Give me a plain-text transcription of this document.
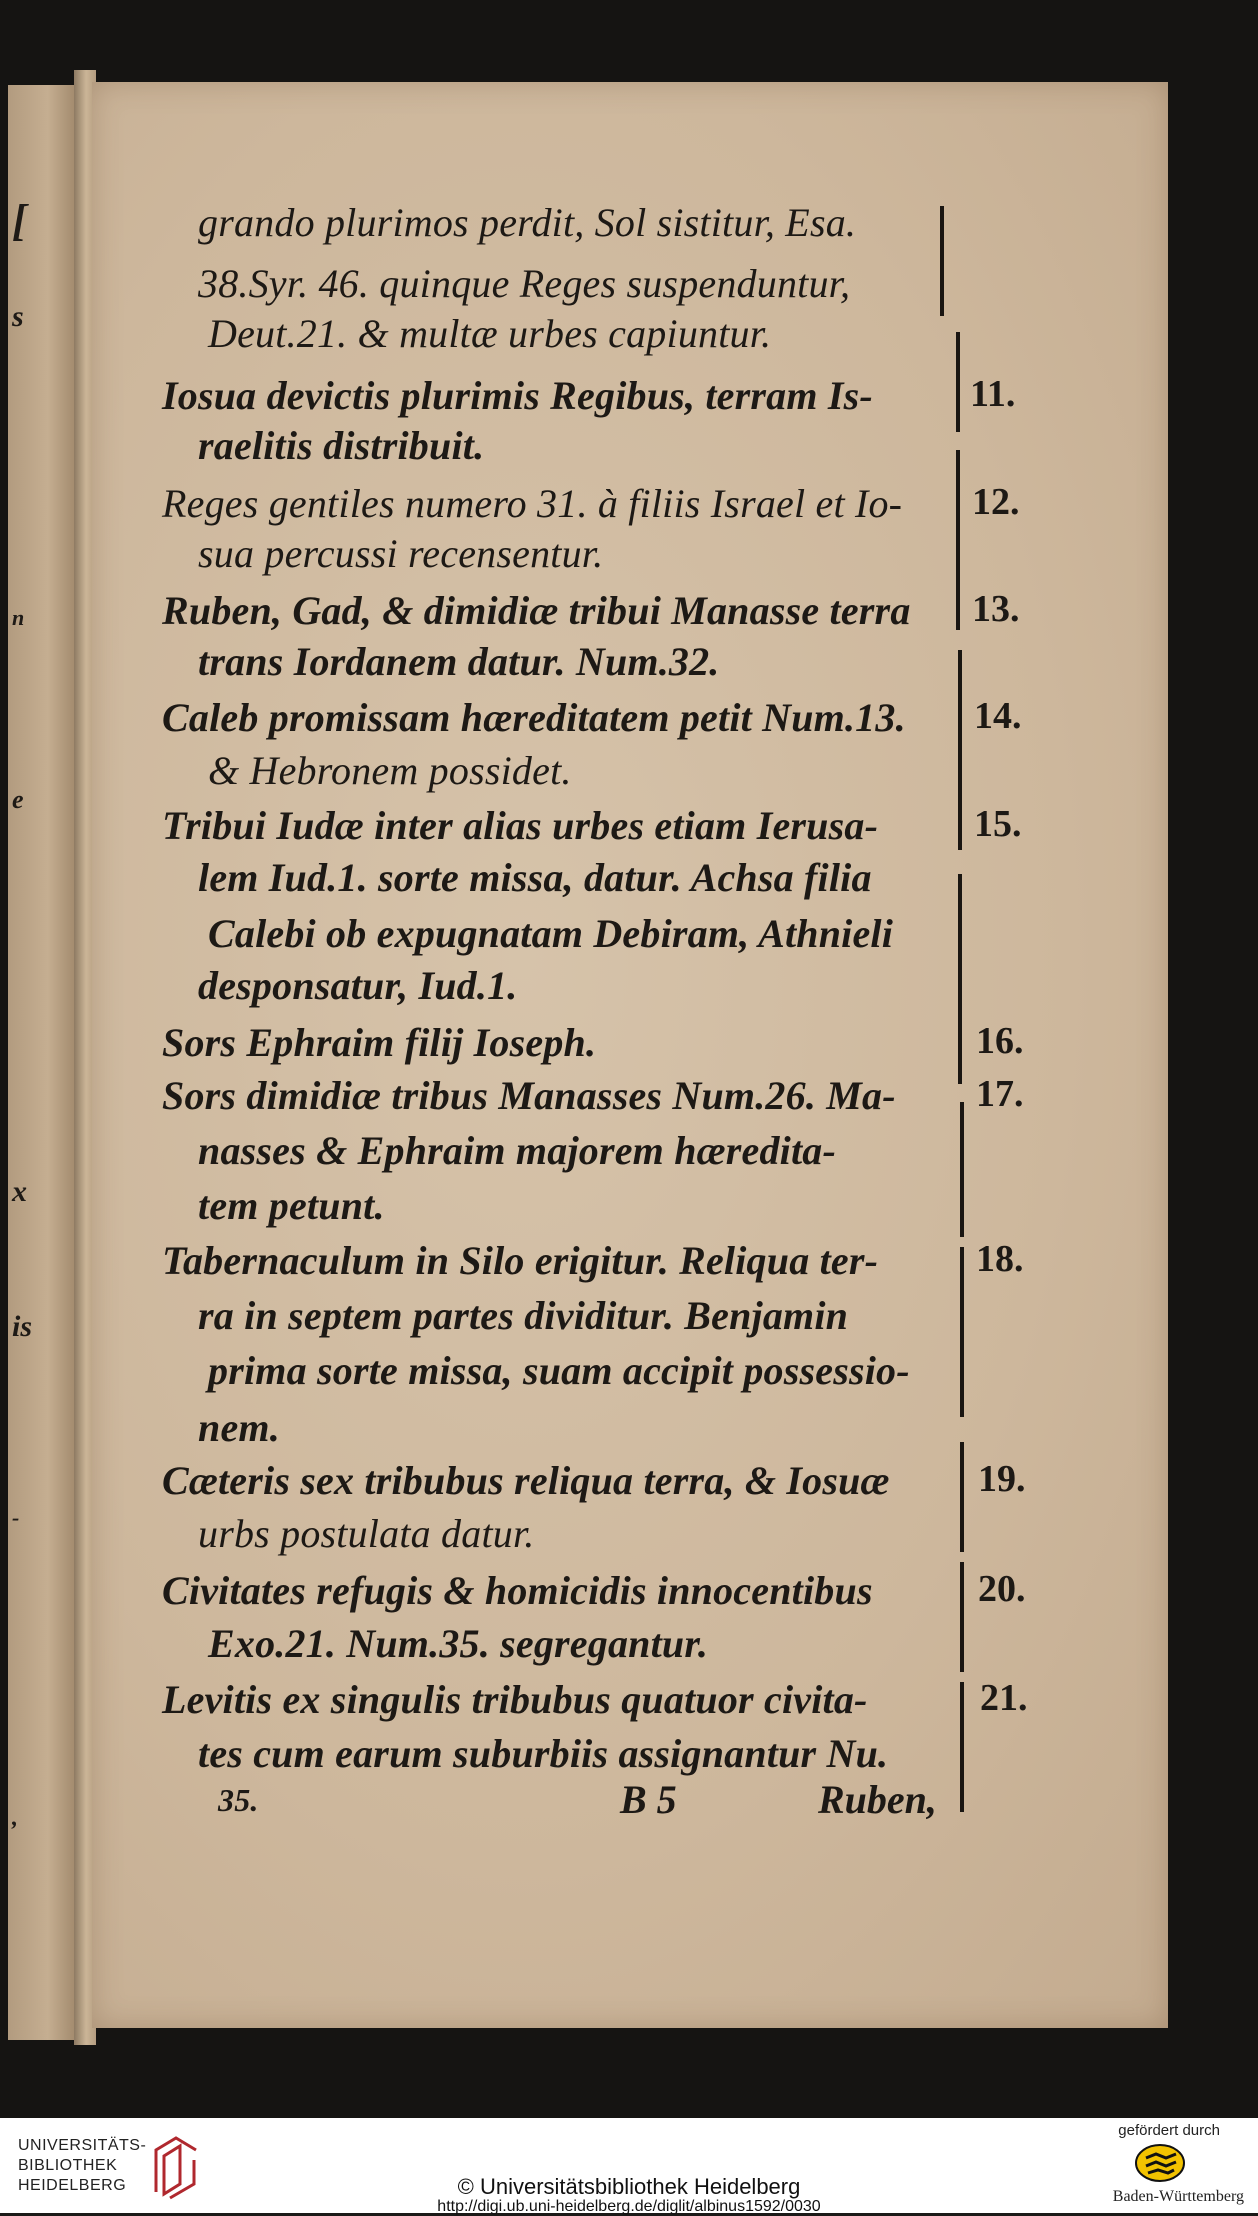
[
s
n
e
x
is
-
,
grando plurimos perdit, Sol sistitur, Esa.
38.Syr. 46. quinque Reges suspenduntur,
Deut.21. & multæ urbes capiuntur.
Iosua devictis plurimis Regibus, terram Is-
raelitis distribuit.
Reges gentiles numero 31. à filiis Israel et Io-
sua percussi recensentur.
Ruben, Gad, & dimidiæ tribui Manasse terra
trans Iordanem datur. Num.32.
Caleb promissam hæreditatem petit Num.13.
& Hebronem possidet.
Tribui Iudæ inter alias urbes etiam Ierusa-
lem Iud.1. sorte missa, datur. Achsa filia
Calebi ob expugnatam Debiram, Athnieli
desponsatur, Iud.1.
Sors Ephraim filij Ioseph.
Sors dimidiæ tribus Manasses Num.26. Ma-
nasses & Ephraim majorem hæredita-
tem petunt.
Tabernaculum in Silo erigitur. Reliqua ter-
ra in septem partes dividitur. Benjamin
prima sorte missa, suam accipit possessio-
nem.
Cæteris sex tribubus reliqua terra, & Iosuæ
urbs postulata datur.
Civitates refugis & homicidis innocentibus
Exo.21. Num.35. segregantur.
Levitis ex singulis tribubus quatuor civita-
tes cum earum suburbiis assignantur Nu.
35.	B 5	Ruben,
11.
12.
13.
14.
15.
16.
17.
18.
19.
20.
21.
UNIVERSITÄTS-
BIBLIOTHEK
HEIDELBERG	© Universitätsbibliothek Heidelberg
http://digi.ub.uni-heidelberg.de/diglit/albinus1592/0030
gefördert durch
Baden-Württemberg
